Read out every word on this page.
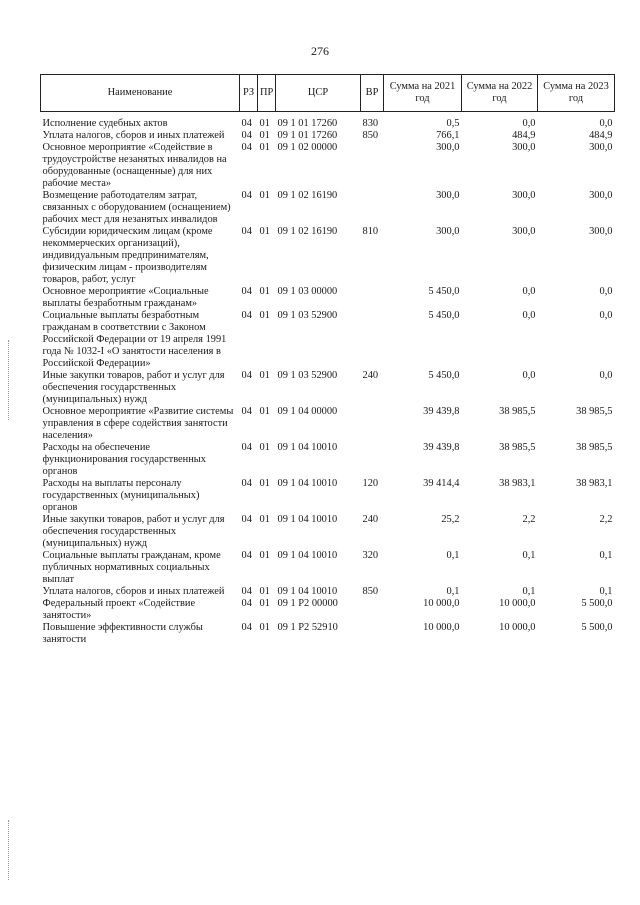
276
Наименование	РЗ	ПР	ЦСР	ВР	Сумма на 2021 год	Сумма на 2022 год	Сумма на 2023 год

Исполнение судебных актов	04	01	09 1 01 17260	830	0,5	0,0	0,0
Уплата налогов, сборов и иных платежей	04	01	09 1 01 17260	850	766,1	484,9	484,9
Основное мероприятие «Содействие в трудоустройстве незанятых инвалидов на оборудованные (оснащенные) для них рабочие места»	04	01	09 1 02 00000		300,0	300,0	300,0
Возмещение работодателям затрат, связанных с оборудованием (оснащением) рабочих мест для незанятых инвалидов	04	01	09 1 02 16190		300,0	300,0	300,0
Субсидии юридическим лицам (кроме некоммерческих организаций), индивидуальным предпринимателям, физическим лицам - производителям товаров, работ, услуг	04	01	09 1 02 16190	810	300,0	300,0	300,0
Основное мероприятие «Социальные выплаты безработным гражданам»	04	01	09 1 03 00000		5 450,0	0,0	0,0
Социальные выплаты безработным гражданам в соответствии с Законом Российской Федерации от 19 апреля 1991 года № 1032-I «О занятости населения в Российской Федерации»	04	01	09 1 03 52900		5 450,0	0,0	0,0
Иные закупки товаров, работ и услуг для обеспечения государственных (муниципальных) нужд	04	01	09 1 03 52900	240	5 450,0	0,0	0,0
Основное мероприятие «Развитие системы управления в сфере содействия занятости населения»	04	01	09 1 04 00000		39 439,8	38 985,5	38 985,5
Расходы на обеспечение функционирования государственных органов	04	01	09 1 04 10010		39 439,8	38 985,5	38 985,5
Расходы на выплаты персоналу государственных (муниципальных) органов	04	01	09 1 04 10010	120	39 414,4	38 983,1	38 983,1
Иные закупки товаров, работ и услуг для обеспечения государственных (муниципальных) нужд	04	01	09 1 04 10010	240	25,2	2,2	2,2
Социальные выплаты гражданам, кроме публичных нормативных социальных выплат	04	01	09 1 04 10010	320	0,1	0,1	0,1
Уплата налогов, сборов и иных платежей	04	01	09 1 04 10010	850	0,1	0,1	0,1
Федеральный проект «Содействие занятости»	04	01	09 1 P2 00000		10 000,0	10 000,0	5 500,0
Повышение эффективности службы занятости	04	01	09 1 P2 52910		10 000,0	10 000,0	5 500,0
